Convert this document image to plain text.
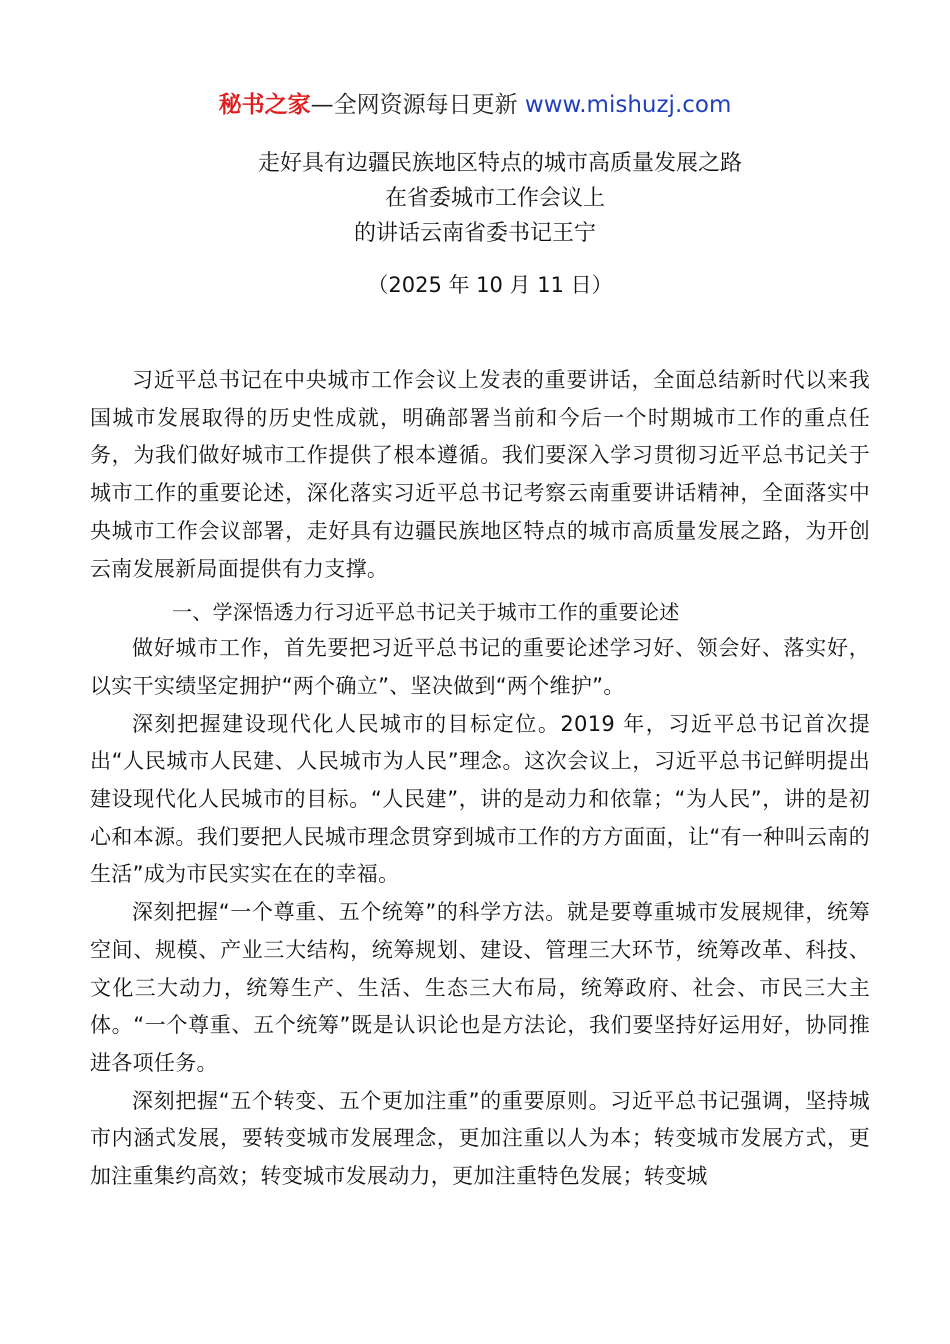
秘书之家—全网资源每日更新 www.mishuzj.com
走好具有边疆民族地区特点的城市高质量发展之路
在省委城市工作会议上
的讲话云南省委书记王宁
（2025 年 10 月 11 日）

习近平总书记在中央城市工作会议上发表的重要讲话，全面总结新时代以来我国城市发展取得的历史性成就，明确部署当前和今后一个时期城市工作的重点任务，为我们做好城市工作提供了根本遵循。我们要深入学习贯彻习近平总书记关于城市工作的重要论述，深化落实习近平总书记考察云南重要讲话精神，全面落实中央城市工作会议部署，走好具有边疆民族地区特点的城市高质量发展之路，为开创云南发展新局面提供有力支撑。

一、学深悟透力行习近平总书记关于城市工作的重要论述

做好城市工作，首先要把习近平总书记的重要论述学习好、领会好、落实好，以实干实绩坚定拥护“两个确立”、坚决做到“两个维护”。

深刻把握建设现代化人民城市的目标定位。2019 年，习近平总书记首次提出“人民城市人民建、人民城市为人民”理念。这次会议上，习近平总书记鲜明提出建设现代化人民城市的目标。“人民建”，讲的是动力和依靠；“为人民”，讲的是初心和本源。我们要把人民城市理念贯穿到城市工作的方方面面，让“有一种叫云南的生活”成为市民实实在在的幸福。

深刻把握“一个尊重、五个统筹”的科学方法。就是要尊重城市发展规律，统筹空间、规模、产业三大结构，统筹规划、建设、管理三大环节，统筹改革、科技、文化三大动力，统筹生产、生活、生态三大布局，统筹政府、社会、市民三大主体。“一个尊重、五个统筹”既是认识论也是方法论，我们要坚持好运用好，协同推进各项任务。

深刻把握“五个转变、五个更加注重”的重要原则。习近平总书记强调，坚持城市内涵式发展，要转变城市发展理念，更加注重以人为本；转变城市发展方式，更加注重集约高效；转变城市发展动力，更加注重特色发展；转变城
